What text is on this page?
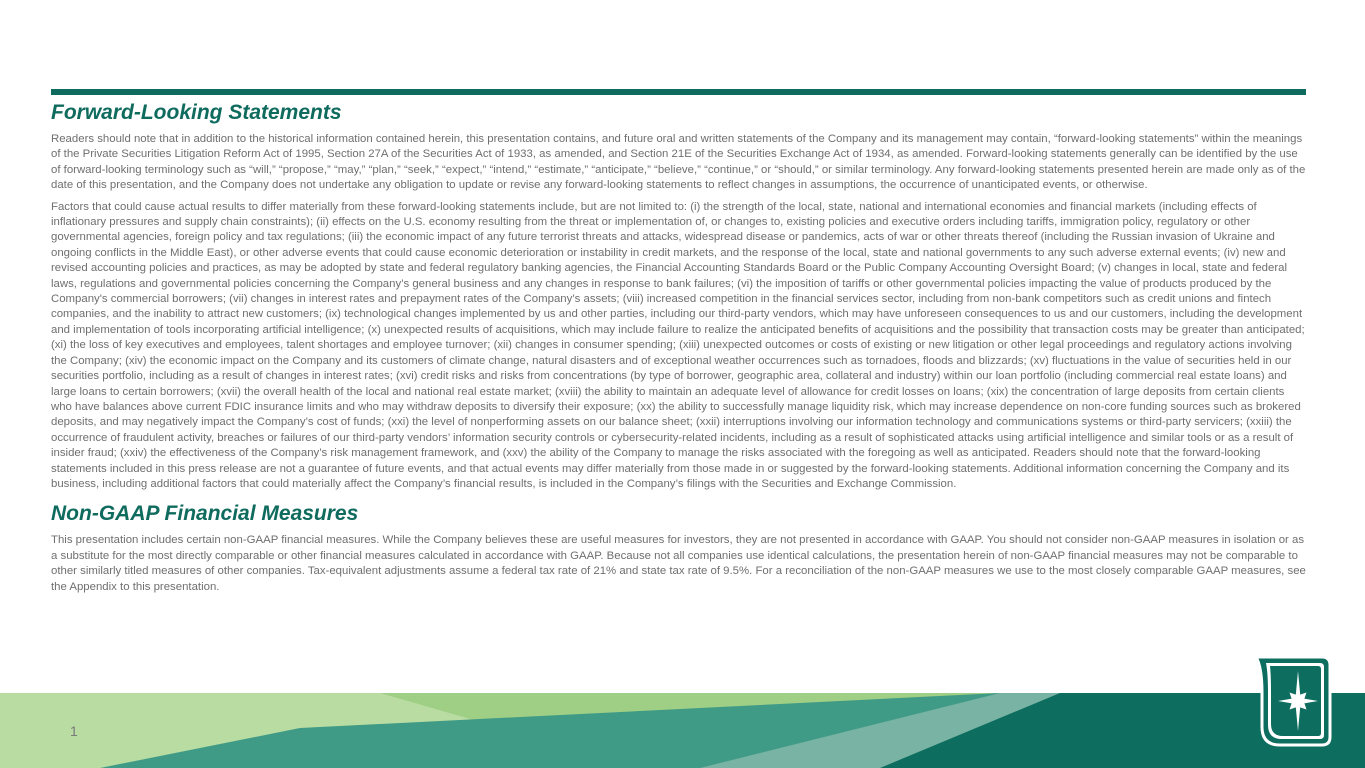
Forward-Looking Statements

Readers should note that in addition to the historical information contained herein, this presentation contains, and future oral and written statements of the Company and its management may contain, “forward-looking statements” within the meanings of the Private Securities Litigation Reform Act of 1995, Section 27A of the Securities Act of 1933, as amended, and Section 21E of the Securities Exchange Act of 1934, as amended. Forward-looking statements generally can be identified by the use of forward-looking terminology such as “will,” “propose,” “may,” “plan,” “seek,” “expect,” “intend,” “estimate,” “anticipate,” “believe,” “continue,” or “should,” or similar terminology. Any forward-looking statements presented herein are made only as of the date of this presentation, and the Company does not undertake any obligation to update or revise any forward-looking statements to reflect changes in assumptions, the occurrence of unanticipated events, or otherwise.

Factors that could cause actual results to differ materially from these forward-looking statements include, but are not limited to: (i) the strength of the local, state, national and international economies and financial markets (including effects of inflationary pressures and supply chain constraints); (ii) effects on the U.S. economy resulting from the threat or implementation of, or changes to, existing policies and executive orders including tariffs, immigration policy, regulatory or other governmental agencies, foreign policy and tax regulations; (iii) the economic impact of any future terrorist threats and attacks, widespread disease or pandemics, acts of war or other threats thereof (including the Russian invasion of Ukraine and ongoing conflicts in the Middle East), or other adverse events that could cause economic deterioration or instability in credit markets, and the response of the local, state and national governments to any such adverse external events; (iv) new and revised accounting policies and practices, as may be adopted by state and federal regulatory banking agencies, the Financial Accounting Standards Board or the Public Company Accounting Oversight Board; (v) changes in local, state and federal laws, regulations and governmental policies concerning the Company’s general business and any changes in response to bank failures; (vi) the imposition of tariffs or other governmental policies impacting the value of products produced by the Company's commercial borrowers; (vii) changes in interest rates and prepayment rates of the Company’s assets; (viii) increased competition in the financial services sector, including from non-bank competitors such as credit unions and fintech companies, and the inability to attract new customers; (ix) technological changes implemented by us and other parties, including our third-party vendors, which may have unforeseen consequences to us and our customers, including the development and implementation of tools incorporating artificial intelligence; (x) unexpected results of acquisitions, which may include failure to realize the anticipated benefits of acquisitions and the possibility that transaction costs may be greater than anticipated; (xi) the loss of key executives and employees, talent shortages and employee turnover; (xii) changes in consumer spending; (xiii) unexpected outcomes or costs of existing or new litigation or other legal proceedings and regulatory actions involving the Company; (xiv) the economic impact on the Company and its customers of climate change, natural disasters and of exceptional weather occurrences such as tornadoes, floods and blizzards; (xv) fluctuations in the value of securities held in our securities portfolio, including as a result of changes in interest rates; (xvi) credit risks and risks from concentrations (by type of borrower, geographic area, collateral and industry) within our loan portfolio (including commercial real estate loans) and large loans to certain borrowers; (xvii) the overall health of the local and national real estate market; (xviii) the ability to maintain an adequate level of allowance for credit losses on loans; (xix) the concentration of large deposits from certain clients who have balances above current FDIC insurance limits and who may withdraw deposits to diversify their exposure; (xx) the ability to successfully manage liquidity risk, which may increase dependence on non-core funding sources such as brokered deposits, and may negatively impact the Company’s cost of funds; (xxi) the level of nonperforming assets on our balance sheet; (xxii) interruptions involving our information technology and communications systems or third-party servicers; (xxiii) the occurrence of fraudulent activity, breaches or failures of our third-party vendors’ information security controls or cybersecurity-related incidents, including as a result of sophisticated attacks using artificial intelligence and similar tools or as a result of insider fraud; (xxiv) the effectiveness of the Company’s risk management framework, and (xxv) the ability of the Company to manage the risks associated with the foregoing as well as anticipated. Readers should note that the forward-looking statements included in this press release are not a guarantee of future events, and that actual events may differ materially from those made in or suggested by the forward-looking statements. Additional information concerning the Company and its business, including additional factors that could materially affect the Company’s financial results, is included in the Company’s filings with the Securities and Exchange Commission.

Non-GAAP Financial Measures

This presentation includes certain non-GAAP financial measures. While the Company believes these are useful measures for investors, they are not presented in accordance with GAAP. You should not consider non-GAAP measures in isolation or as a substitute for the most directly comparable or other financial measures calculated in accordance with GAAP. Because not all companies use identical calculations, the presentation herein of non-GAAP financial measures may not be comparable to other similarly titled measures of other companies. Tax-equivalent adjustments assume a federal tax rate of 21% and state tax rate of 9.5%. For a reconciliation of the non-GAAP measures we use to the most closely comparable GAAP measures, see the Appendix to this presentation.

1
